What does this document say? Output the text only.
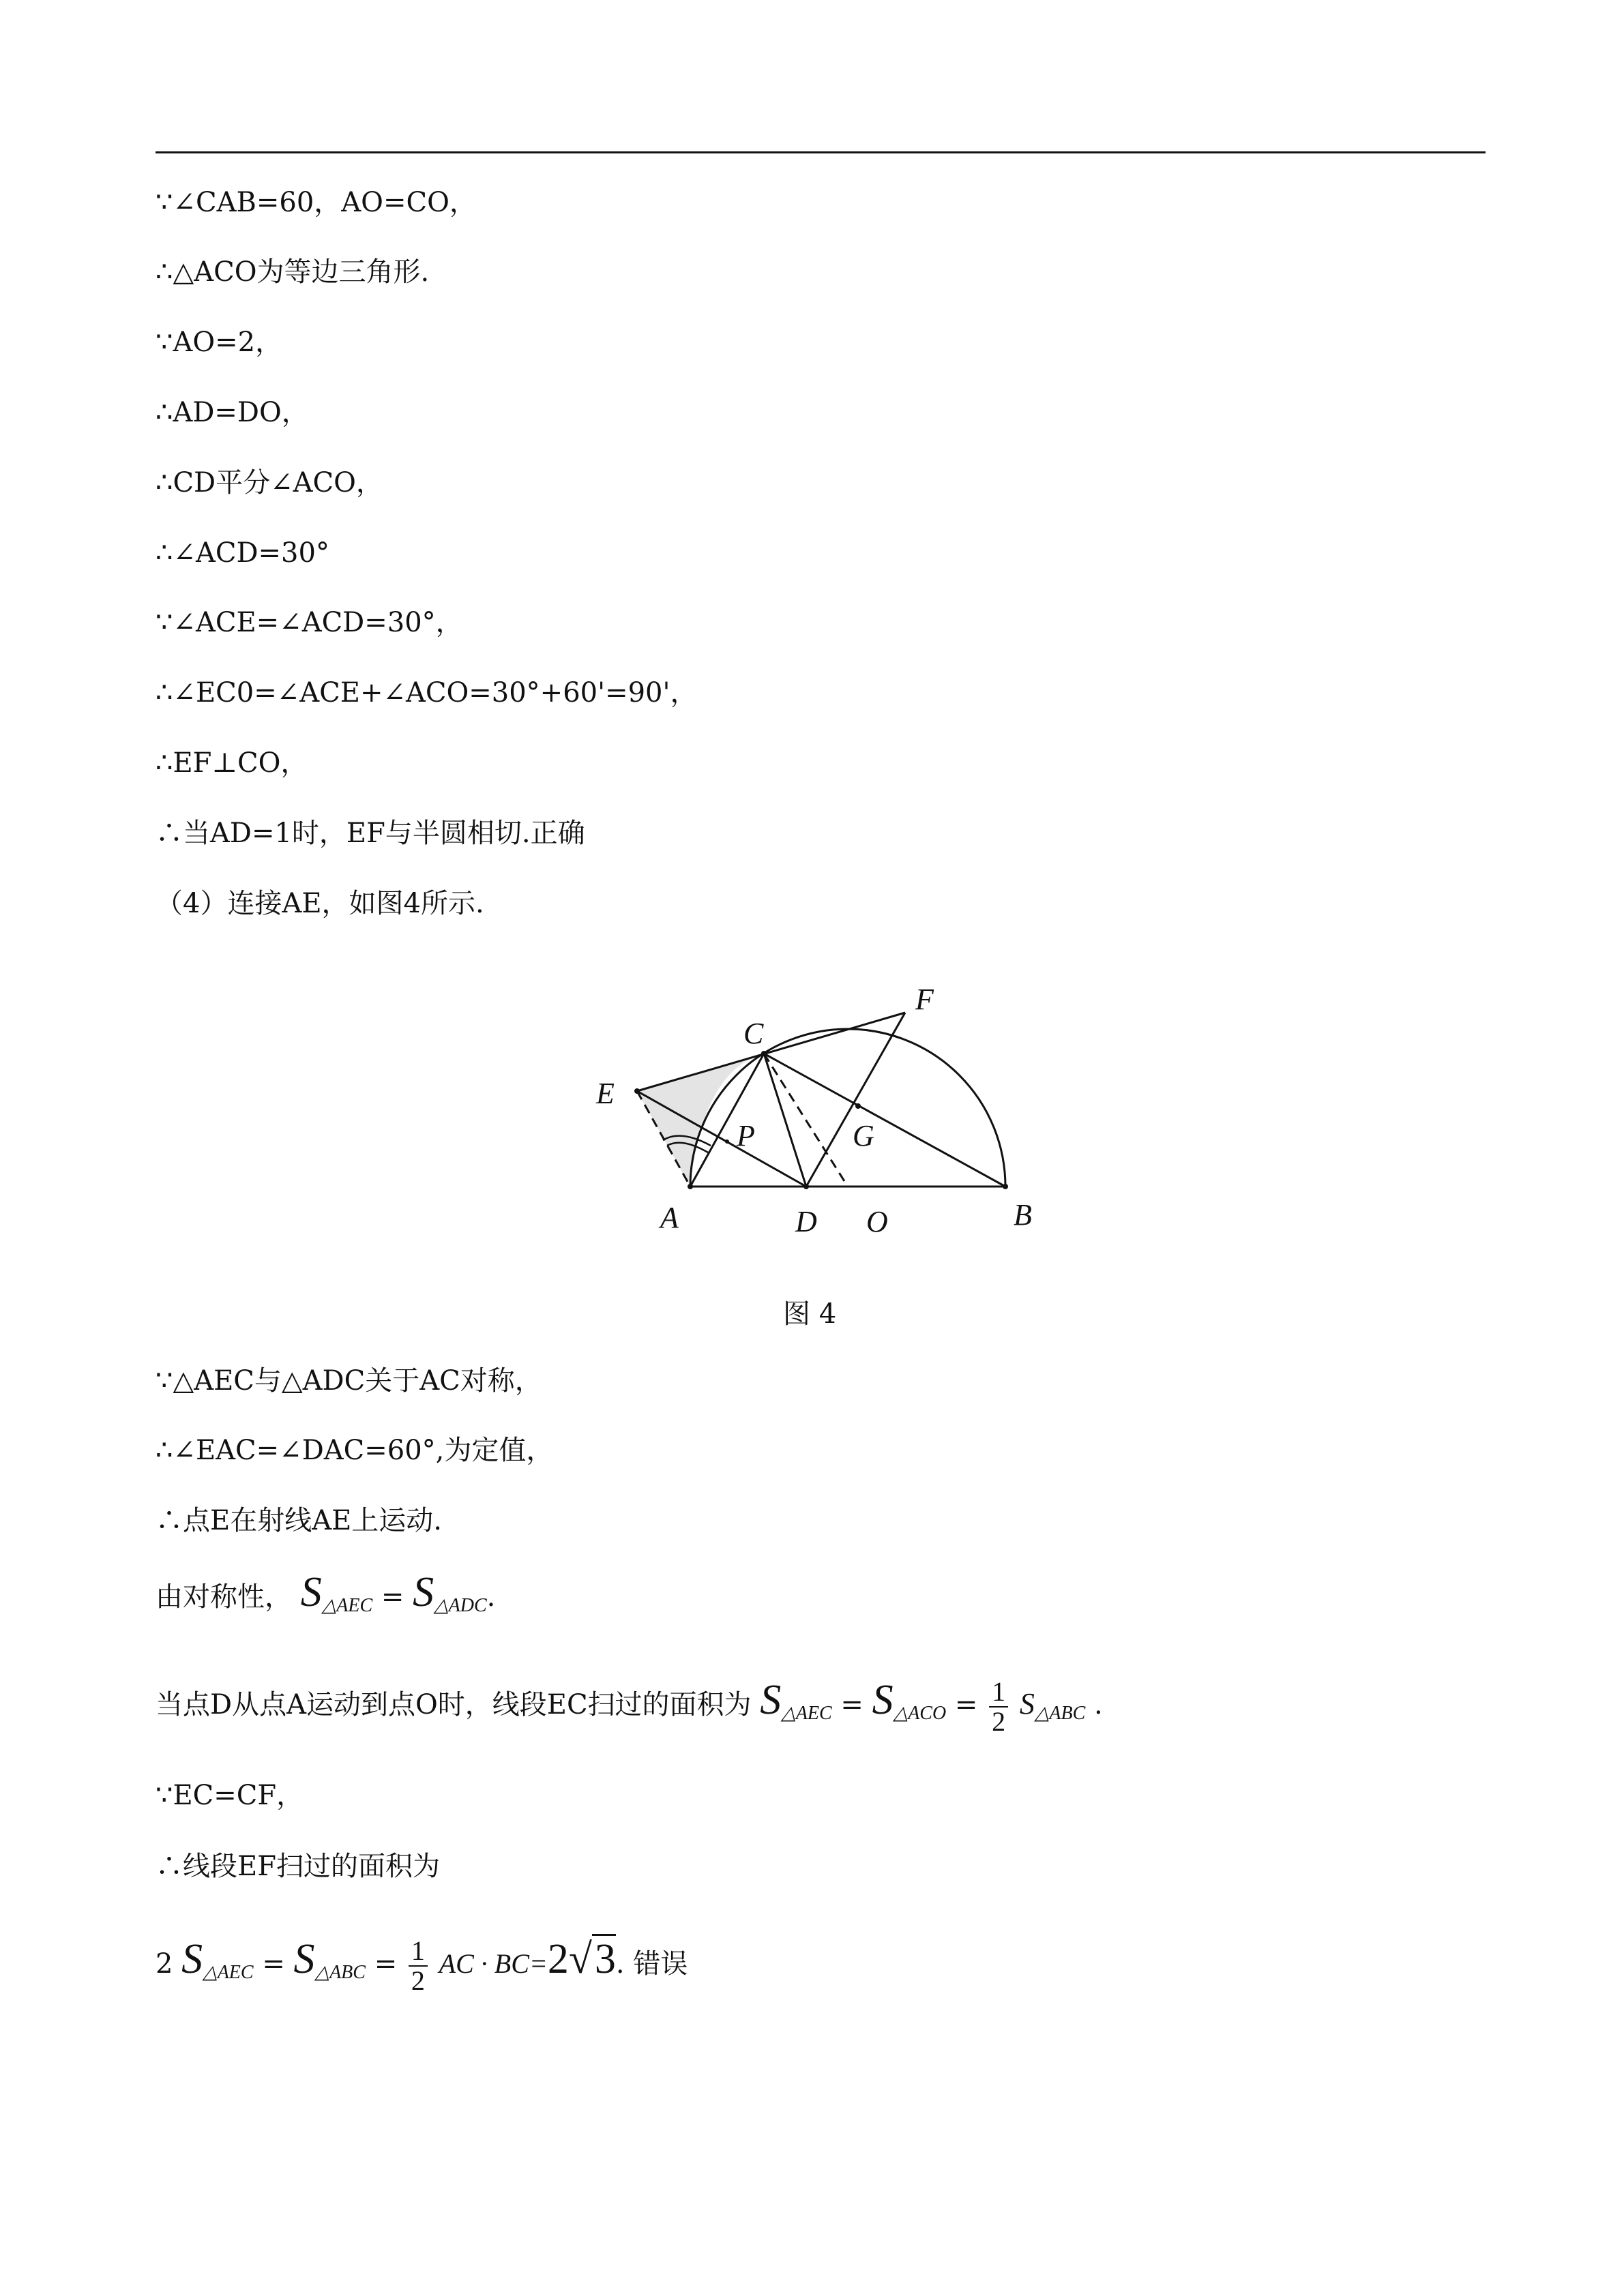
∵∠CAB=60，AO=CO，
∴△ACO为等边三角形.
∵AO=2，
∴AD=DO，
∴CD平分∠ACO，
∴∠ACD=30°
∵∠ACE=∠ACD=30°，
∴∠EC0=∠ACE+∠ACO=30°+60'=90'，
∴EF⊥CO，
∴当AD=1时，EF与半圆相切.正确
（4）连接AE，如图4所示.
F
C
E
P	G
A	D O	B
图 4
∵△AEC与△ADC关于AC对称，
∴∠EAC=∠DAC=60°,为定值，
∴点E在射线AE上运动.
由对称性， $S_{\triangle AEC} = S_{\triangle ADC}$.
当点D从点A运动到点O时，线段EC扫过的面积为 $S_{\triangle AEC} = S_{\triangle ACO} = \frac{1}{2} S_{\triangle ABC}$ .
∵EC=CF，
∴线段EF扫过的面积为
2 $S_{\triangle AEC} = S_{\triangle ABC} = \frac{1}{2}$ AC · BC=2√3. 错误
